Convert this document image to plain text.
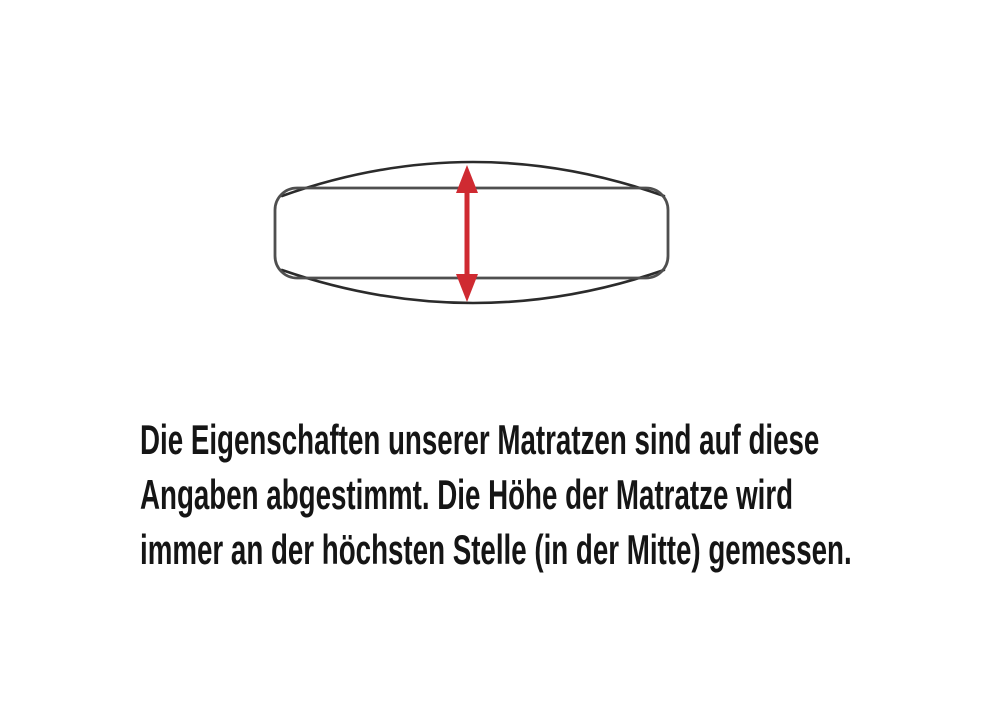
Die Eigenschaften unserer Matratzen sind auf diese
Angaben abgestimmt. Die Höhe der Matratze wird
immer an der höchsten Stelle (in der Mitte) gemessen.
